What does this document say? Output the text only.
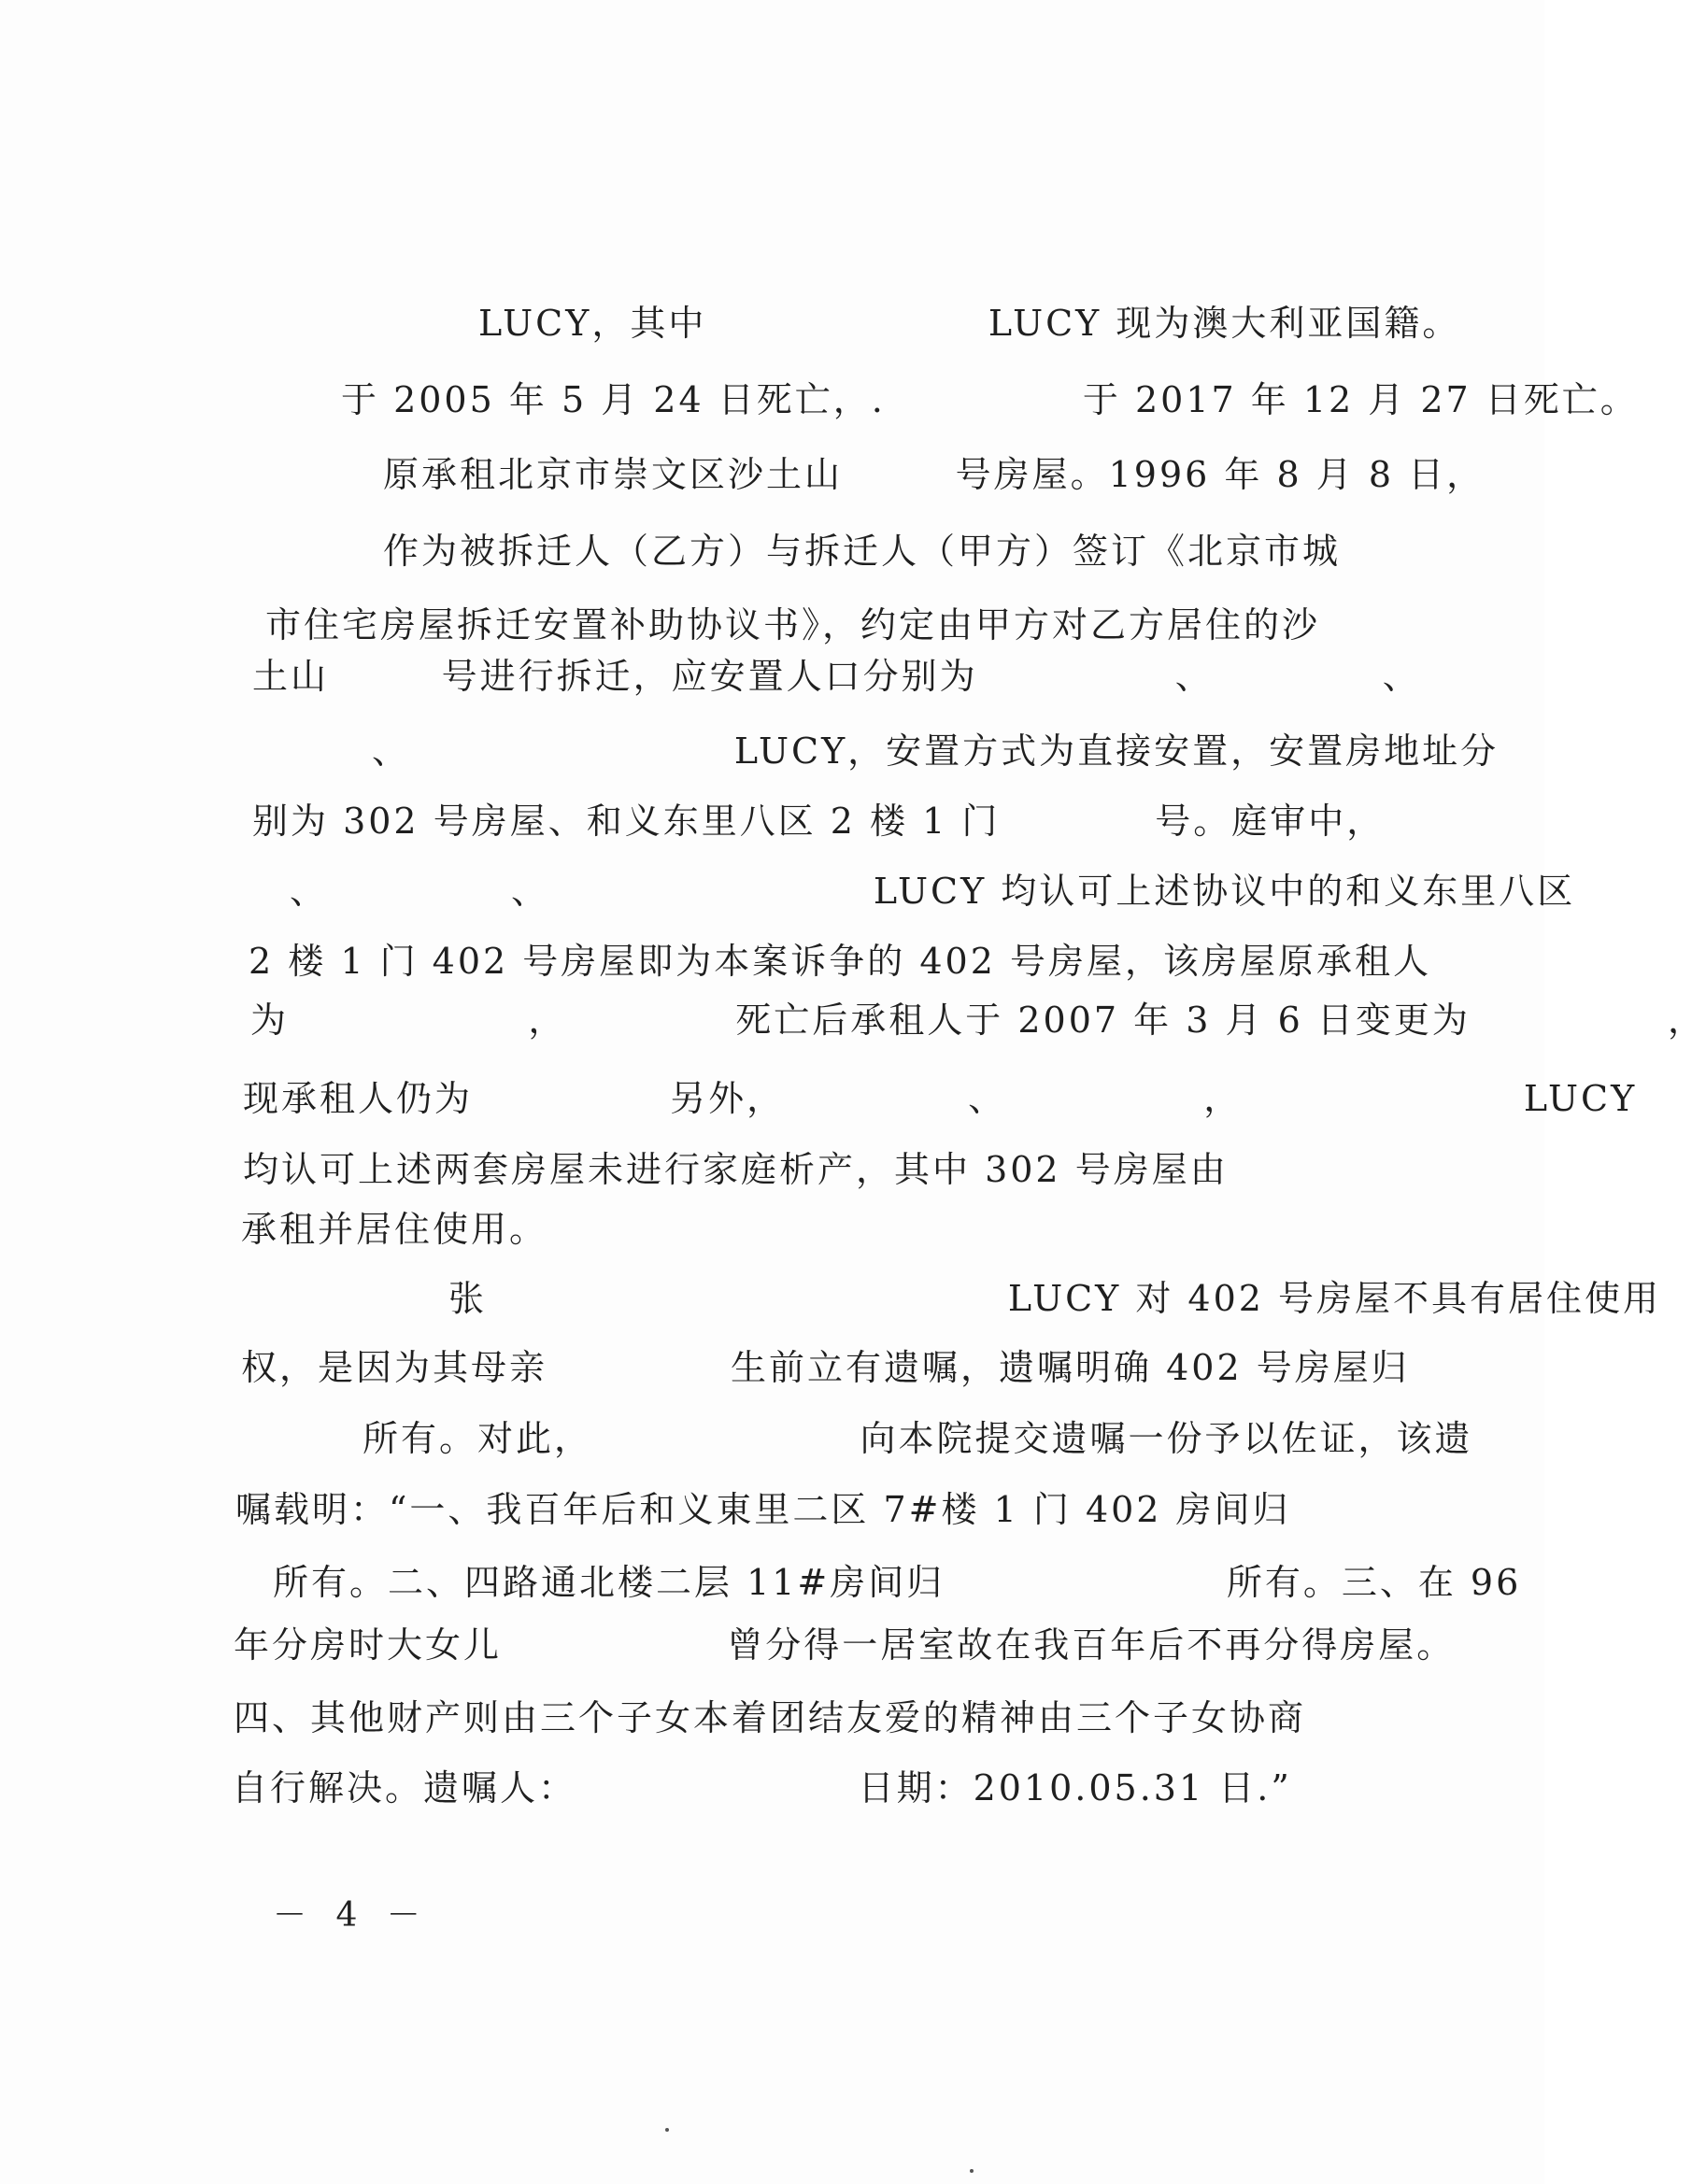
LUCY，其中                    LUCY 现为澳大利亚国籍。
于 2005 年 5 月 24 日死亡，.              于 2017 年 12 月 27 日死亡。
原承租北京市崇文区沙土山        号房屋。1996 年 8 月 8 日，
作为被拆迁人（乙方）与拆迁人（甲方）签订《北京市城
市住宅房屋拆迁安置补助协议书》，约定由甲方对乙方居住的沙
土山        号进行拆迁，应安置人口分别为              、            、
、                       LUCY，安置方式为直接安置，安置房地址分
别为 302 号房屋、和义东里八区 2 楼 1 门           号。庭审中，
、             、                       LUCY 均认可上述协议中的和义东里八区
2 楼 1 门 402 号房屋即为本案诉争的 402 号房屋，该房屋原承租人
为                 ，            死亡后承租人于 2007 年 3 月 6 日变更为              ，
现承租人仍为              另外，             、              ，                    LUCY
均认可上述两套房屋未进行家庭析产，其中 302 号房屋由
承租并居住使用。
张                                     LUCY 对 402 号房屋不具有居住使用
权，是因为其母亲             生前立有遗嘱，遗嘱明确 402 号房屋归
所有。对此，                   向本院提交遗嘱一份予以佐证，该遗
嘱载明：“一、我百年后和义東里二区 7#楼 1 门 402 房间归
所有。二、四路通北楼二层 11#房间归                    所有。三、在 96
年分房时大女儿                曾分得一居室故在我百年后不再分得房屋。
四、其他财产则由三个子女本着团结友爱的精神由三个子女协商
自行解决。遗嘱人：                    日期：2010.05.31 日.”
－ 4 －
